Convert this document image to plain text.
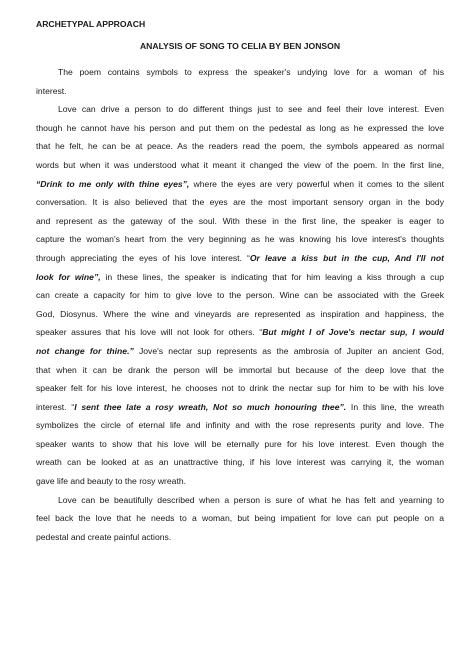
ARCHETYPAL APPROACH

ANALYSIS OF SONG TO CELIA BY BEN JONSON

The poem contains symbols to express the speaker's undying love for a woman of his
interest.

Love can drive a person to do different things just to see and feel their love interest. Even
though he cannot have his person and put them on the pedestal as long as he expressed the love
that he felt, he can be at peace. As the readers read the poem, the symbols appeared as normal
words but when it was understood what it meant it changed the view of the poem. In the first line,
“Drink to me only with thine eyes”, where the eyes are very powerful when it comes to the silent
conversation. It is also believed that the eyes are the most important sensory organ in the body
and represent as the gateway of the soul. With these in the first line, the speaker is eager to
capture the woman's heart from the very beginning as he was knowing his love interest's thoughts
through appreciating the eyes of his love interest. “Or leave a kiss but in the cup, And I'll not
look for wine”, in these lines, the speaker is indicating that for him leaving a kiss through a cup
can create a capacity for him to give love to the person. Wine can be associated with the Greek
God, Diosynus. Where the wine and vineyards are represented as inspiration and happiness, the
speaker assures that his love will not look for others. “But might I of Jove's nectar sup, I would
not change for thine.” Jove's nectar sup represents as the ambrosia of Jupiter an ancient God,
that when it can be drank the person will be immortal but because of the deep love that the
speaker felt for his love interest, he chooses not to drink the nectar sup for him to be with his love
interest. “I sent thee late a rosy wreath, Not so much honouring thee”. In this line, the wreath
symbolizes the circle of eternal life and infinity and with the rose represents purity and love. The
speaker wants to show that his love will be eternally pure for his love interest. Even though the
wreath can be looked at as an unattractive thing, if his love interest was carrying it, the woman
gave life and beauty to the rosy wreath.

Love can be beautifully described when a person is sure of what he has felt and yearning to
feel back the love that he needs to a woman, but being impatient for love can put people on a
pedestal and create painful actions.
